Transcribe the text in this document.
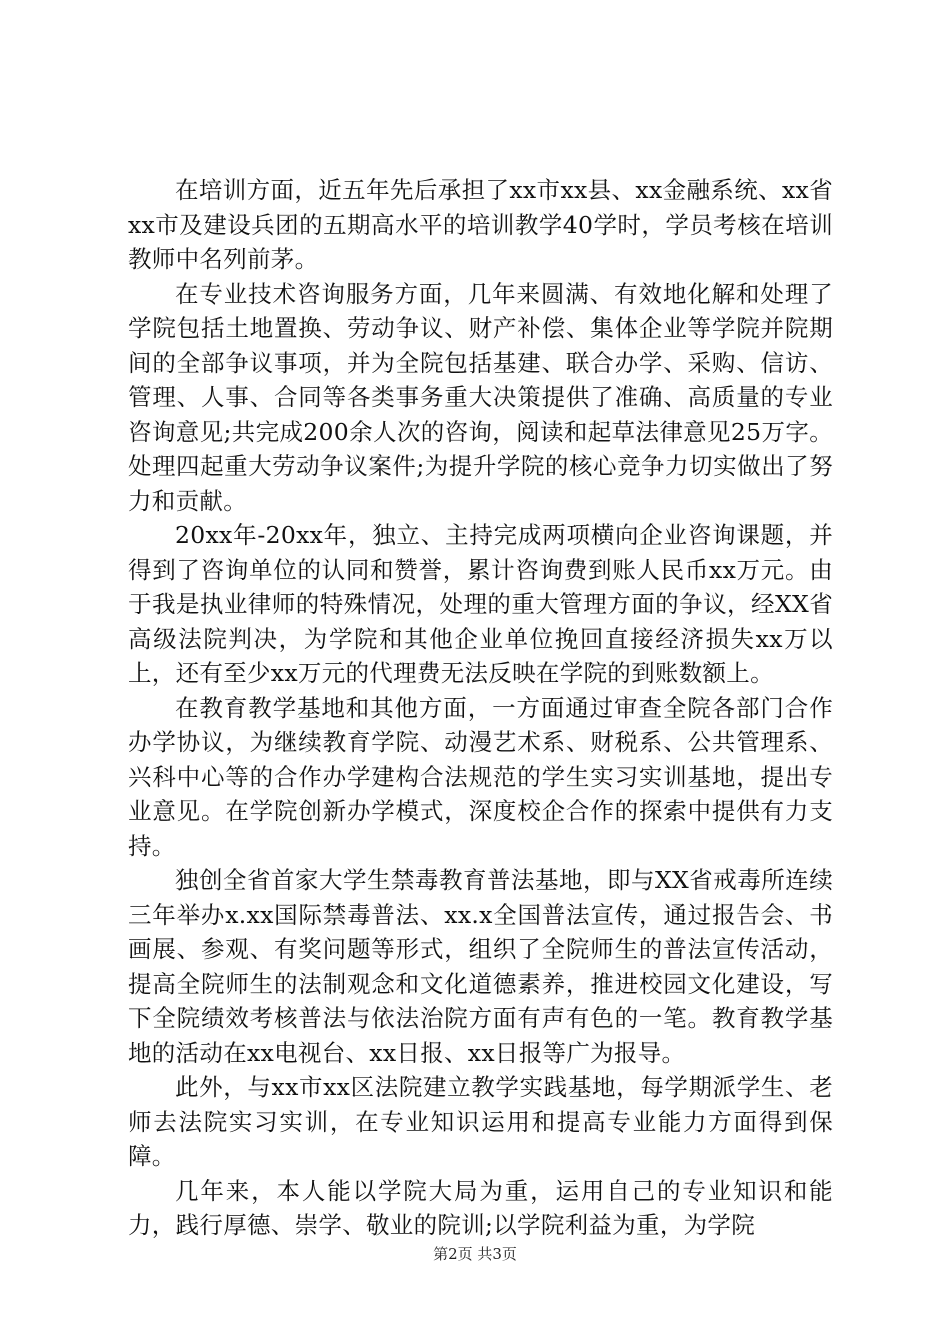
在培训方面，近五年先后承担了xx市xx县、xx金融系统、xx省xx市及建设兵团的五期高水平的培训教学40学时，学员考核在培训教师中名列前茅。

在专业技术咨询服务方面，几年来圆满、有效地化解和处理了学院包括土地置换、劳动争议、财产补偿、集体企业等学院并院期间的全部争议事项，并为全院包括基建、联合办学、采购、信访、管理、人事、合同等各类事务重大决策提供了准确、高质量的专业咨询意见;共完成200余人次的咨询，阅读和起草法律意见25万字。处理四起重大劳动争议案件;为提升学院的核心竞争力切实做出了努力和贡献。

20xx年-20xx年，独立、主持完成两项横向企业咨询课题，并得到了咨询单位的认同和赞誉，累计咨询费到账人民币xx万元。由于我是执业律师的特殊情况，处理的重大管理方面的争议，经XX省高级法院判决，为学院和其他企业单位挽回直接经济损失xx万以上，还有至少xx万元的代理费无法反映在学院的到账数额上。

在教育教学基地和其他方面，一方面通过审查全院各部门合作办学协议，为继续教育学院、动漫艺术系、财税系、公共管理系、兴科中心等的合作办学建构合法规范的学生实习实训基地，提出专业意见。在学院创新办学模式，深度校企合作的探索中提供有力支持。

独创全省首家大学生禁毒教育普法基地，即与XX省戒毒所连续三年举办x.xx国际禁毒普法、xx.x全国普法宣传，通过报告会、书画展、参观、有奖问题等形式，组织了全院师生的普法宣传活动，提高全院师生的法制观念和文化道德素养，推进校园文化建设，写下全院绩效考核普法与依法治院方面有声有色的一笔。教育教学基地的活动在xx电视台、xx日报、xx日报等广为报导。

此外，与xx市xx区法院建立教学实践基地，每学期派学生、老师去法院实习实训，在专业知识运用和提高专业能力方面得到保障。

几年来，本人能以学院大局为重，运用自己的专业知识和能力，践行厚德、崇学、敬业的院训;以学院利益为重，为学院

第2页 共3页
